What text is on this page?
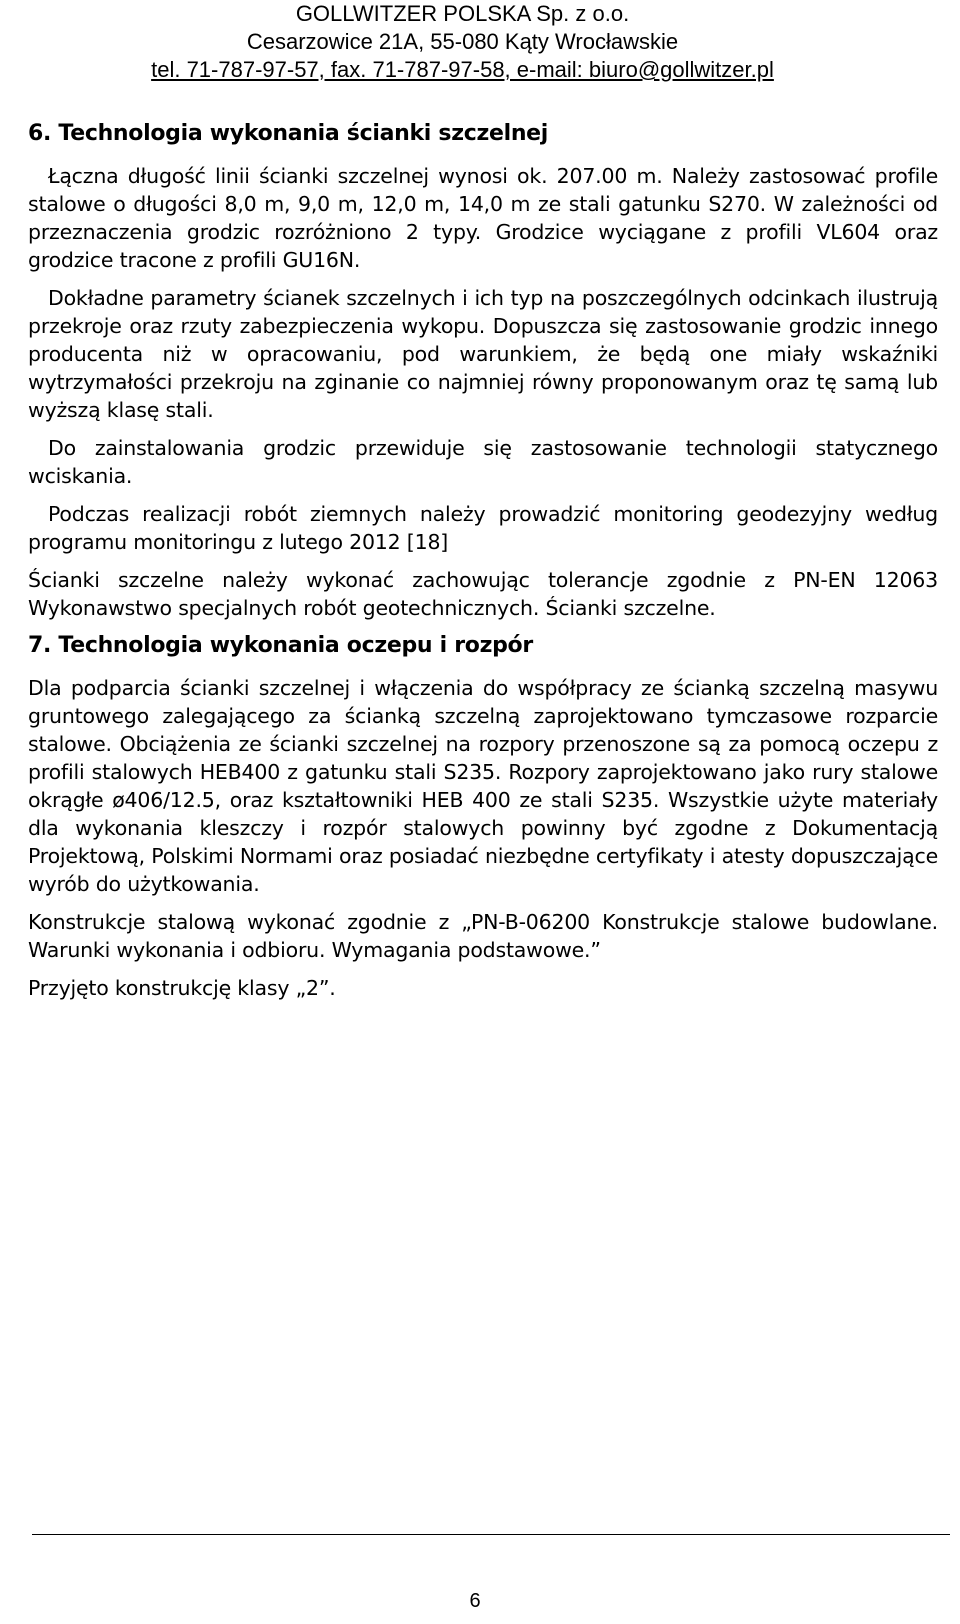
GOLLWITZER POLSKA Sp. z o.o.
Cesarzowice 21A, 55-080 Kąty Wrocławskie
tel. 71-787-97-57, fax. 71-787-97-58, e-mail: biuro@gollwitzer.pl
6. Technologia wykonania ścianki szczelnej

Łączna długość linii ścianki szczelnej wynosi ok. 207.00 m. Należy zastosować profile stalowe o długości 8,0 m, 9,0 m, 12,0 m, 14,0 m ze stali gatunku S270. W zależności od przeznaczenia grodzic rozróżniono 2 typy. Grodzice wyciągane z profili VL604 oraz grodzice tracone z profili GU16N.

Dokładne parametry ścianek szczelnych i ich typ na poszczególnych odcinkach ilustrują przekroje oraz rzuty zabezpieczenia wykopu. Dopuszcza się zastosowanie grodzic innego producenta niż w opracowaniu, pod warunkiem, że będą one miały wskaźniki wytrzymałości przekroju na zginanie co najmniej równy proponowanym oraz tę samą lub wyższą klasę stali.

Do zainstalowania grodzic przewiduje się zastosowanie technologii statycznego wciskania.

Podczas realizacji robót ziemnych należy prowadzić monitoring geodezyjny według programu monitoringu z lutego 2012 [18]

Ścianki szczelne należy wykonać zachowując tolerancje zgodnie z PN-EN 12063 Wykonawstwo specjalnych robót geotechnicznych. Ścianki szczelne.

7. Technologia wykonania oczepu i rozpór

Dla podparcia ścianki szczelnej i włączenia do współpracy ze ścianką szczelną masywu gruntowego zalegającego za ścianką szczelną zaprojektowano tymczasowe rozparcie stalowe. Obciążenia ze ścianki szczelnej na rozpory przenoszone są za pomocą oczepu z profili stalowych HEB400 z gatunku stali S235. Rozpory zaprojektowano jako rury stalowe okrągłe ø406/12.5, oraz kształtowniki HEB 400 ze stali S235. Wszystkie użyte materiały dla wykonania kleszczy i rozpór stalowych powinny być zgodne z Dokumentacją Projektową, Polskimi Normami oraz posiadać niezbędne certyfikaty i atesty dopuszczające wyrób do użytkowania.

Konstrukcje stalową wykonać zgodnie z „PN-B-06200 Konstrukcje stalowe budowlane. Warunki wykonania i odbioru. Wymagania podstawowe.”

Przyjęto konstrukcję klasy „2”.

6
